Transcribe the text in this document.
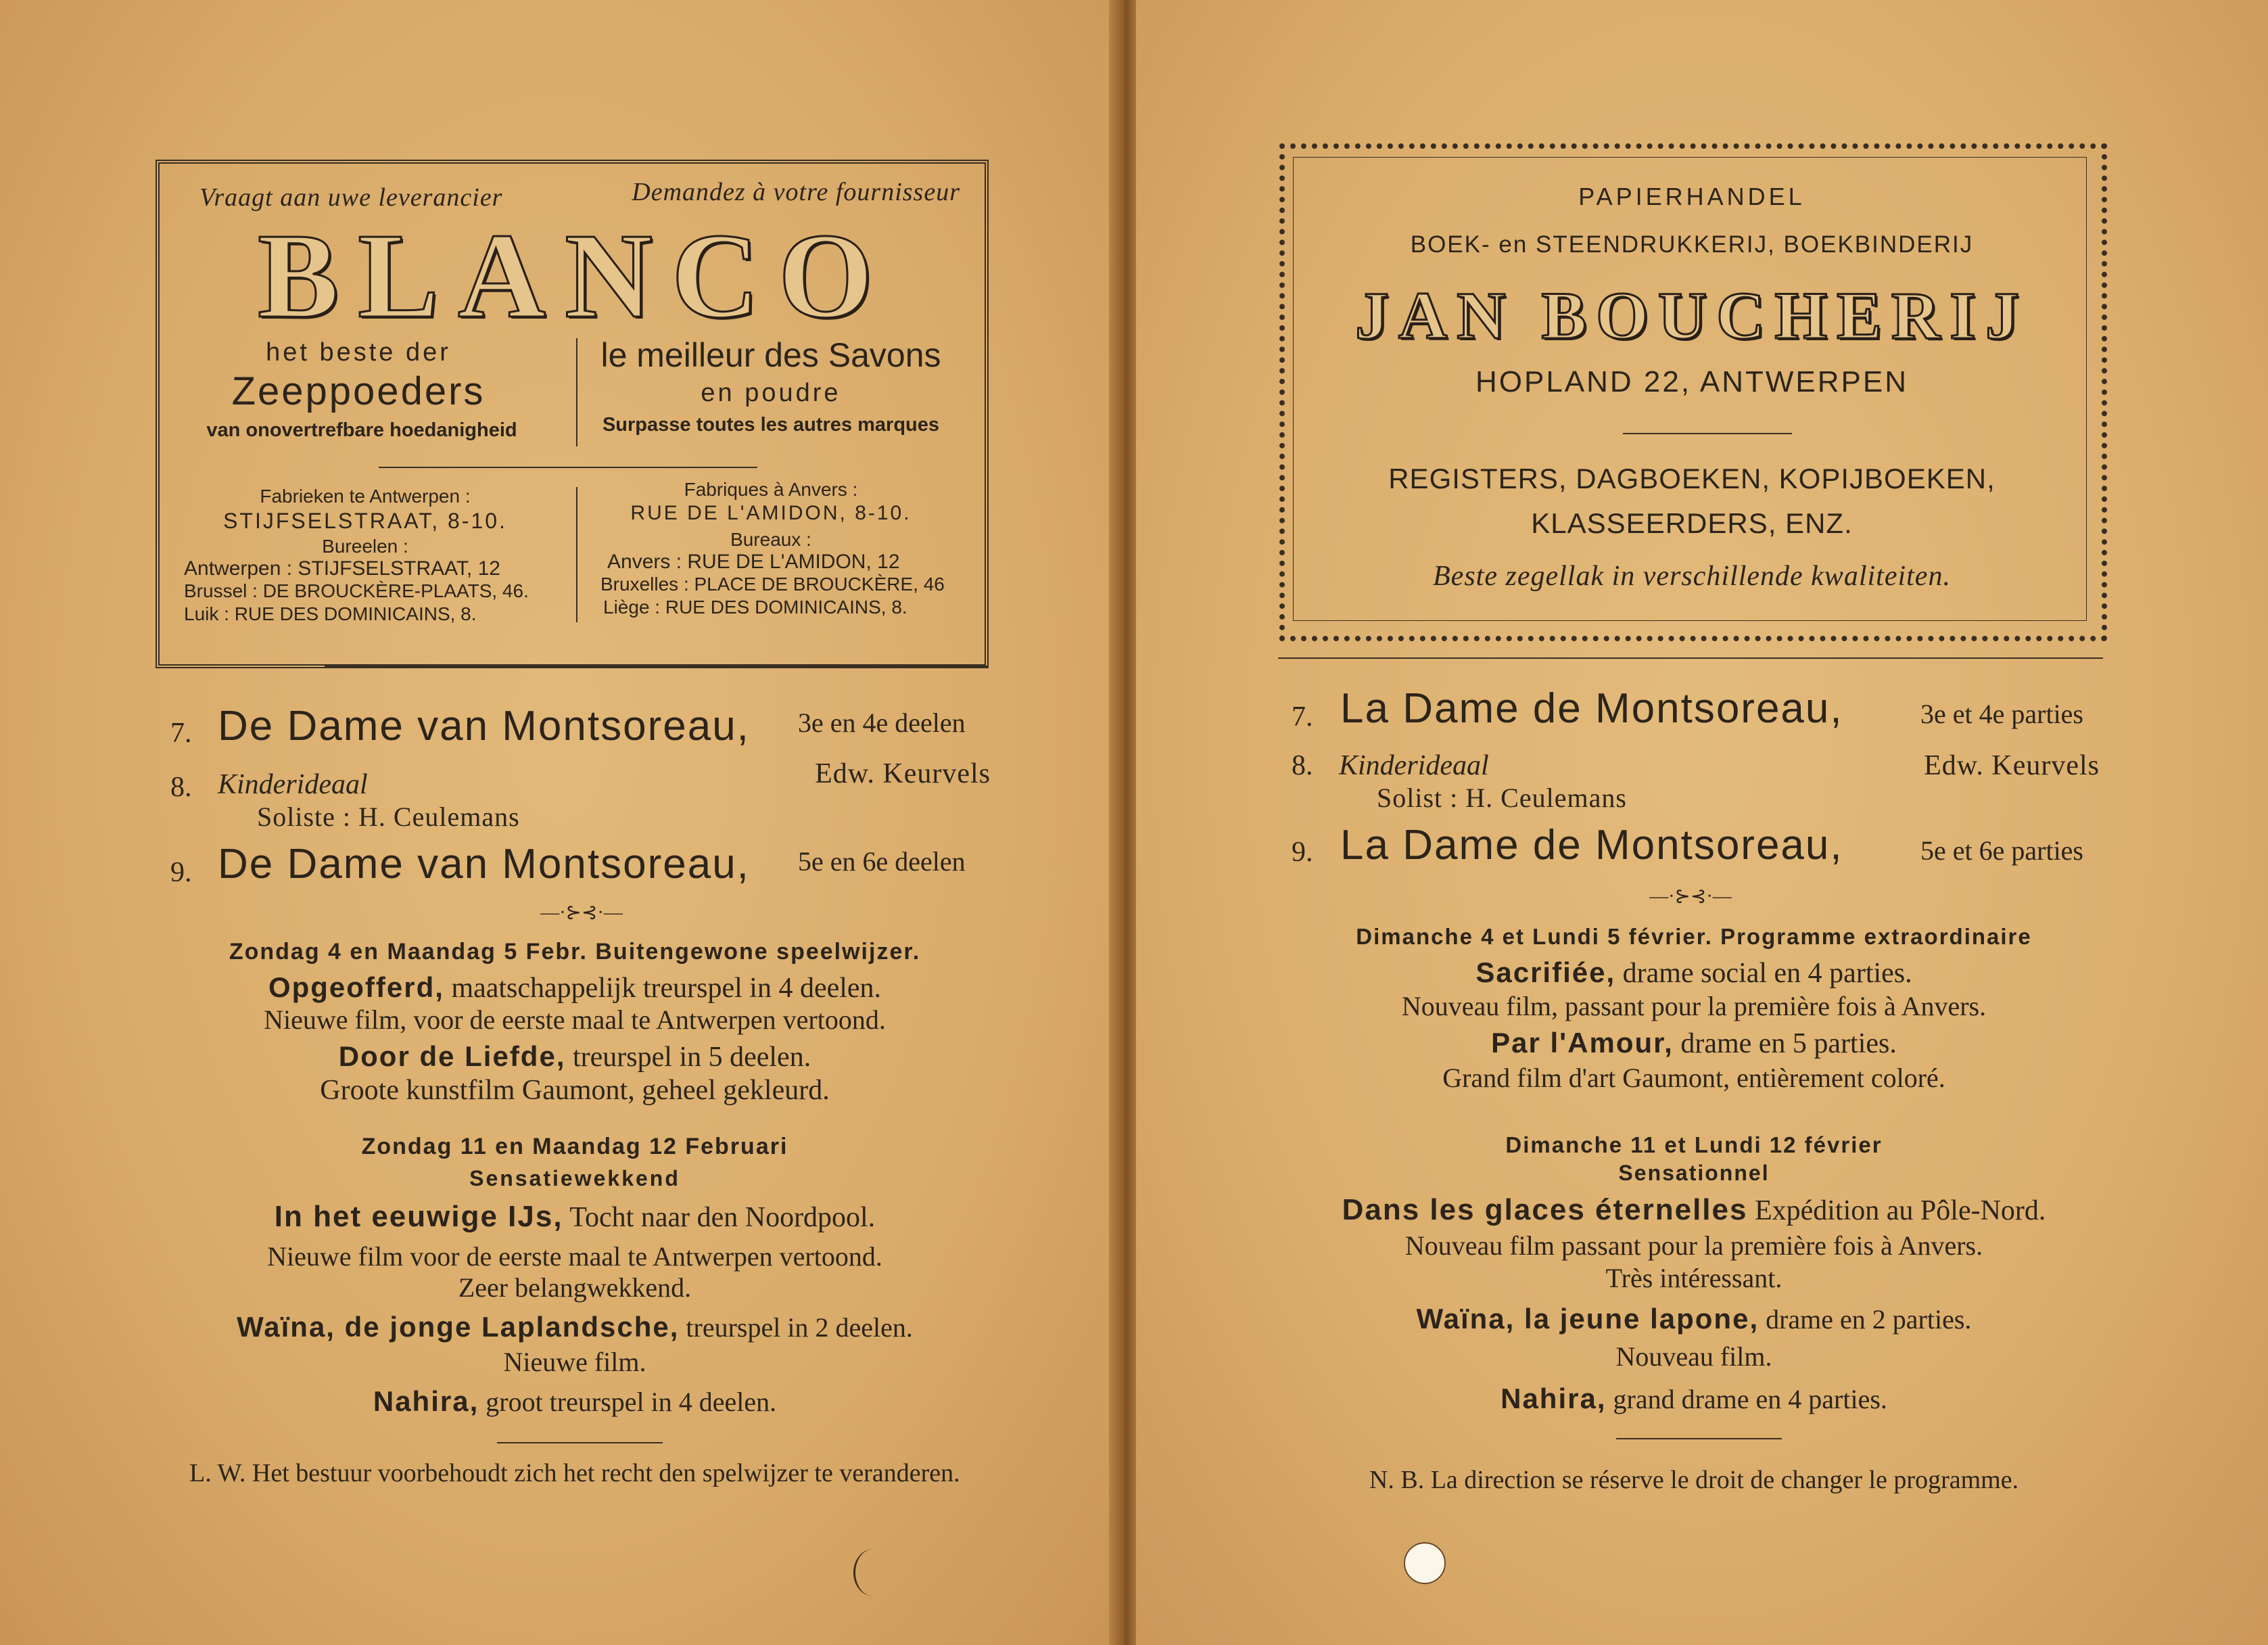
Vraagt aan uwe leverancier	Demandez à votre fournisseur
BLANCO
het beste der
Zeeppoeders
van onovertrefbare hoedanigheid
le meilleur des Savons
en poudre
Surpasse toutes les autres marques
Fabrieken te Antwerpen :
STIJFSELSTRAAT, 8-10.
Bureelen :
Antwerpen : STIJFSELSTRAAT, 12
Brussel : DE BROUCKÈRE-PLAATS, 46.
Luik : RUE DES DOMINICAINS, 8.
Fabriques à Anvers :
RUE DE L'AMIDON, 8-10.
Bureaux :
Anvers : RUE DE L'AMIDON, 12
Bruxelles : PLACE DE BROUCKÈRE, 46
Liège : RUE DES DOMINICAINS, 8.
7. De Dame van Montsoreau, 3e en 4e deelen
8. Kinderideaal	Edw. Keurvels
Soliste : H. Ceulemans
9. De Dame van Montsoreau, 5e en 6e deelen
—·⊱⊰·—
Zondag 4 en Maandag 5 Febr. Buitengewone speelwijzer.
Opgeofferd, maatschappelijk treurspel in 4 deelen.
Nieuwe film, voor de eerste maal te Antwerpen vertoond.
Door de Liefde, treurspel in 5 deelen.
Groote kunstfilm Gaumont, geheel gekleurd.
Zondag 11 en Maandag 12 Februari
Sensatiewekkend
In het eeuwige IJs, Tocht naar den Noordpool.
Nieuwe film voor de eerste maal te Antwerpen vertoond.
Zeer belangwekkend.
Waïna, de jonge Laplandsche, treurspel in 2 deelen.
Nieuwe film.
Nahira, groot treurspel in 4 deelen.
L. W. Het bestuur voorbehoudt zich het recht den spelwijzer te veranderen.
PAPIERHANDEL
BOEK- en STEENDRUKKERIJ, BOEKBINDERIJ
JAN BOUCHERIJ
HOPLAND 22, ANTWERPEN
REGISTERS, DAGBOEKEN, KOPIJBOEKEN,
KLASSEERDERS, ENZ.
Beste zegellak in verschillende kwaliteiten.
7. La Dame de Montsoreau,	3e et 4e parties
8. Kinderideaal	Edw. Keurvels
Solist : H. Ceulemans
9. La Dame de Montsoreau,	5e et 6e parties
—·⊱⊰·—
Dimanche 4 et Lundi 5 février. Programme extraordinaire
Sacrifiée, drame social en 4 parties.
Nouveau film, passant pour la première fois à Anvers.
Par l'Amour, drame en 5 parties.
Grand film d'art Gaumont, entièrement coloré.
Dimanche 11 et Lundi 12 février
Sensationnel
Dans les glaces éternelles Expédition au Pôle-Nord.
Nouveau film passant pour la première fois à Anvers.
Très intéressant.
Waïna, la jeune lapone, drame en 2 parties.
Nouveau film.
Nahira, grand drame en 4 parties.
N. B. La direction se réserve le droit de changer le programme.
